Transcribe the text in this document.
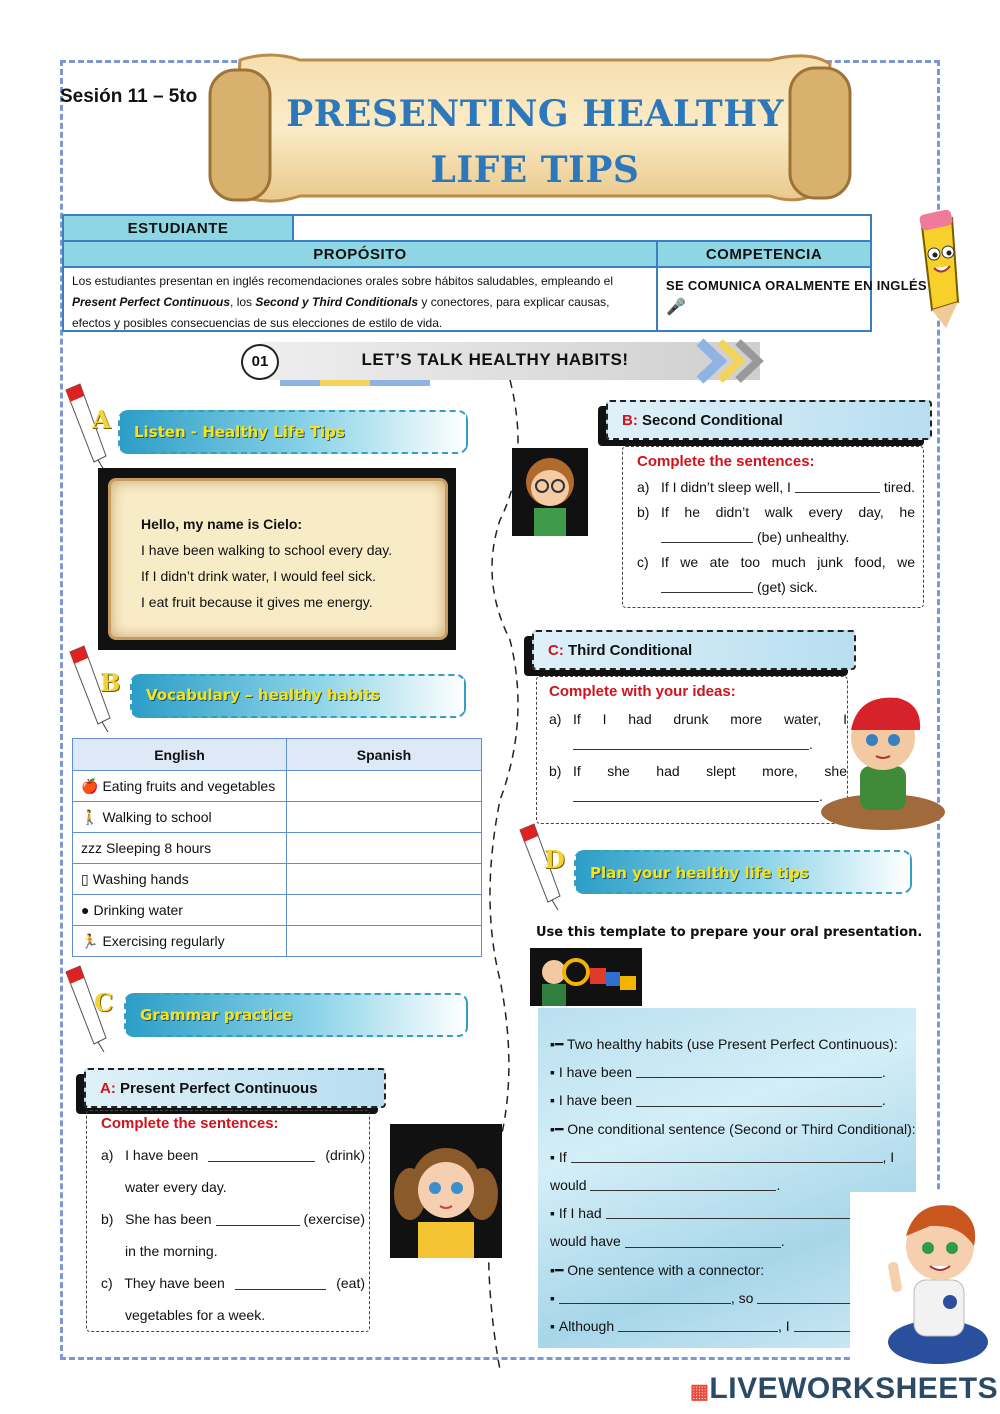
Sesión 11 – 5to	PRESENTING HEALTHY
LIFE TIPS
ESTUDIANTE
PROPÓSITO	COMPETENCIA
Los estudiantes presentan en inglés recomendaciones orales sobre hábitos saludables, empleando el Present Perfect Continuous, los Second y Third Conditionals y conectores, para explicar causas, efectos y posibles consecuencias de sus elecciones de estilo de vida.
SE COMUNICA ORALMENTE EN INGLÉS
🎤
01	LET’S TALK HEALTHY HABITS!
A Listen - Healthy Life Tips
Hello, my name is Cielo:
I have been walking to school every day.
If I didn’t drink water, I would feel sick.
I eat fruit because it gives me energy.
B Vocabulary – healthy habits
English	Spanish
🍎 Eating fruits and vegetables	
🚶 Walking to school	
zzz Sleeping 8 hours	
▯ Washing hands	
● Drinking water	
🏃 Exercising regularly	
C Grammar practice
A:
Present Perfect Continuous
Complete the sentences:
a) I have been	(drink)
water every day.
b) She has been	(exercise)
in the morning.
c) They have been	(eat)
vegetables for a week.
B:
Second Conditional
Complete the sentences:
a) If I didn’t sleep well, I	tired.
b) If he didn’t walk every day, he
(be) unhealthy.
c) If we ate too much junk food, we
(get) sick.
C:
Third Conditional
Complete with your ideas:
a) If I had drunk more water, I
.
b) If she had slept more, she
.
D Plan your healthy life tips
Use this template to prepare your oral presentation.
▪━ Two healthy habits (use Present Perfect Continuous):
▪
I have been
	.
▪
I have been
	.
▪━ One conditional sentence (Second or Third Conditional):
▪
If
	, I
would
	.
▪
If I had

would have
	.
▪━ One sentence with a connector:
▪
	, so

▪
Although
	, I

▦LIVEWORKSHEETS
